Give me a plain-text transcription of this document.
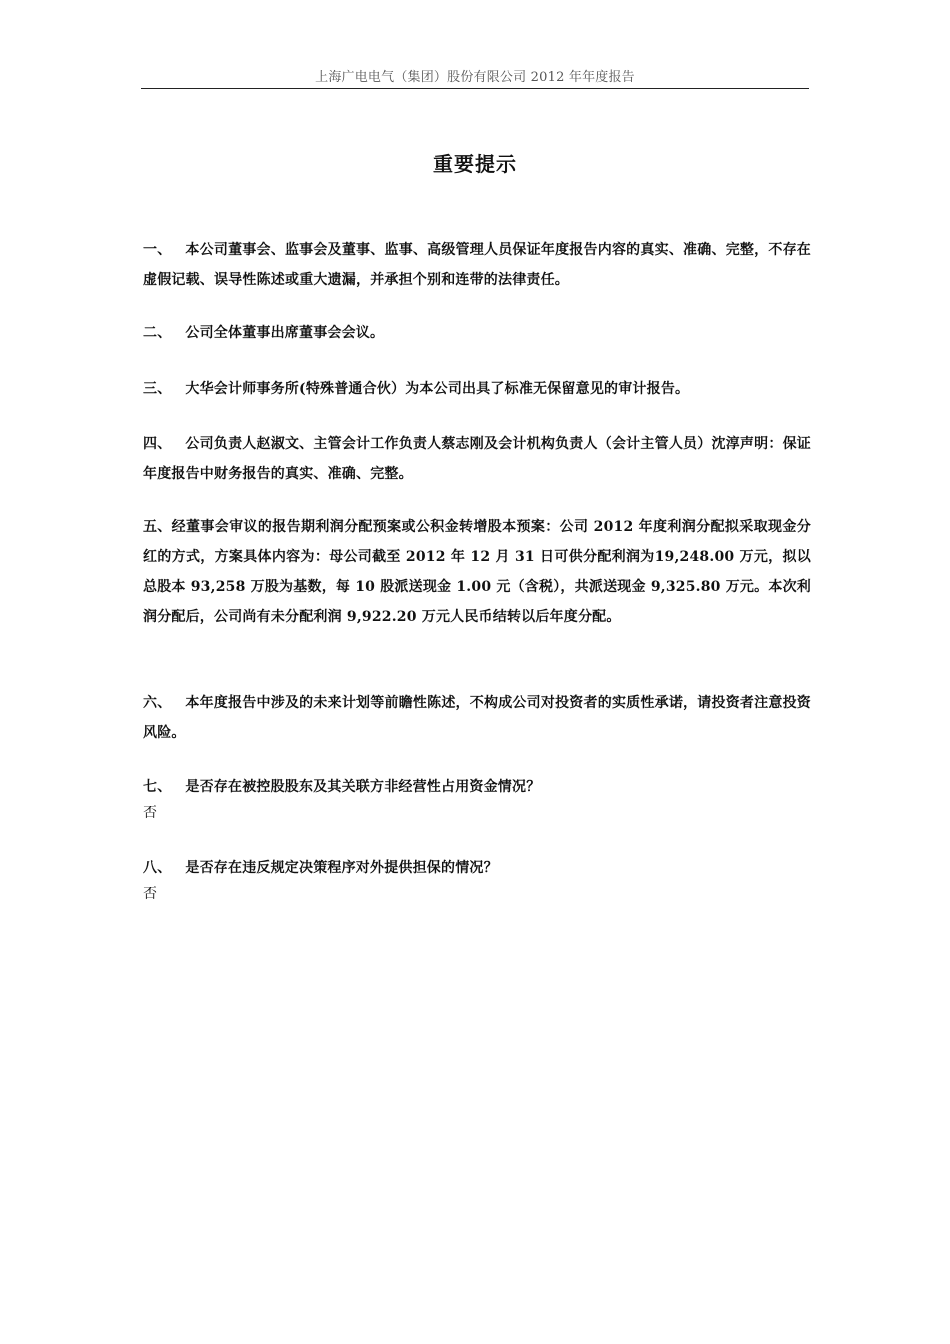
上海广电电气（集团）股份有限公司 2012 年年度报告
重要提示
一、 本公司董事会、监事会及董事、监事、高级管理人员保证年度报告内容的真实、准确、完整，不存在虚假记载、误导性陈述或重大遗漏，并承担个别和连带的法律责任。
二、 公司全体董事出席董事会会议。
三、 大华会计师事务所(特殊普通合伙）为本公司出具了标准无保留意见的审计报告。
四、 公司负责人赵淑文、主管会计工作负责人蔡志刚及会计机构负责人（会计主管人员）沈淳声明：保证年度报告中财务报告的真实、准确、完整。
五、经董事会审议的报告期利润分配预案或公积金转增股本预案：公司 2012 年度利润分配拟采取现金分红的方式，方案具体内容为：母公司截至 2012 年 12 月 31 日可供分配利润为19,248.00 万元，拟以总股本 93,258 万股为基数，每 10 股派送现金 1.00 元（含税），共派送现金 9,325.80 万元。本次利润分配后，公司尚有未分配利润 9,922.20 万元人民币结转以后年度分配。
六、 本年度报告中涉及的未来计划等前瞻性陈述，不构成公司对投资者的实质性承诺，请投资者注意投资风险。
七、 是否存在被控股股东及其关联方非经营性占用资金情况？
否
八、 是否存在违反规定决策程序对外提供担保的情况？
否
